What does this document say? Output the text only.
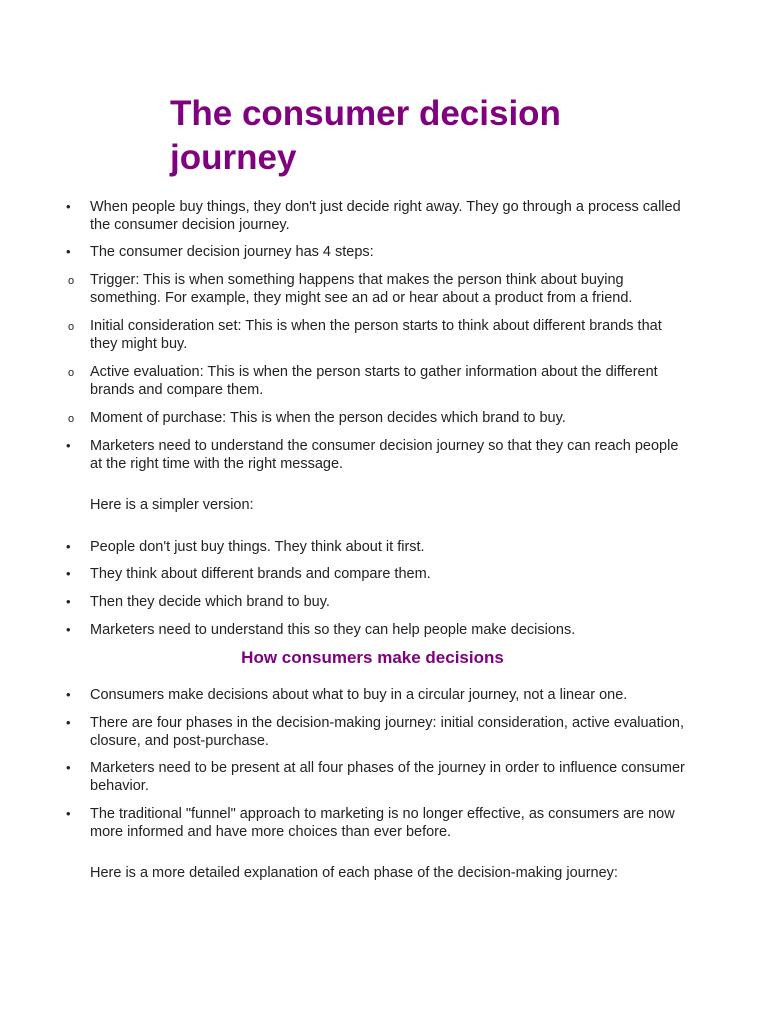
The consumer decision journey
•	When people buy things, they don't just decide right away. They go through a process called the consumer decision journey.
•	The consumer decision journey has 4 steps:
o	Trigger: This is when something happens that makes the person think about buying something. For example, they might see an ad or hear about a product from a friend.
o	Initial consideration set: This is when the person starts to think about different brands that they might buy.
o	Active evaluation: This is when the person starts to gather information about the different brands and compare them.
o	Moment of purchase: This is when the person decides which brand to buy.
•	Marketers need to understand the consumer decision journey so that they can reach people at the right time with the right message.

Here is a simpler version:

•	People don't just buy things. They think about it first.
•	They think about different brands and compare them.
•	Then they decide which brand to buy.
•	Marketers need to understand this so they can help people make decisions.
How consumers make decisions
•	Consumers make decisions about what to buy in a circular journey, not a linear one.
•	There are four phases in the decision-making journey: initial consideration, active evaluation, closure, and post-purchase.
•	Marketers need to be present at all four phases of the journey in order to influence consumer behavior.
•	The traditional "funnel" approach to marketing is no longer effective, as consumers are now more informed and have more choices than ever before.

Here is a more detailed explanation of each phase of the decision-making journey:
